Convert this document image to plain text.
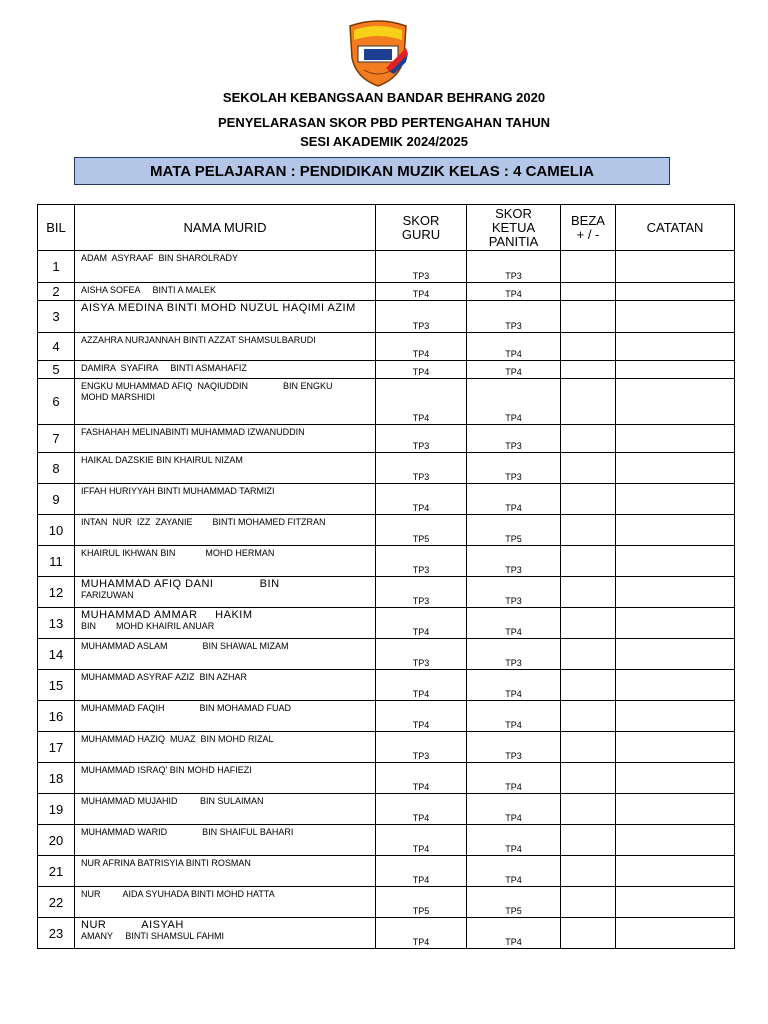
SEKOLAH KEBANGSAAN BANDAR BEHRANG 2020
PENYELARASAN SKOR PBD PERTENGAHAN TAHUN
SESI AKADEMIK 2024/2025
MATA PELAJARAN : PENDIDIKAN MUZIK KELAS : 4 CAMELIA
BIL	NAMA MURID	SKOR GURU	SKOR KETUA PANITIA	BEZA + / -	CATATAN
1	ADAM  ASYRAAF  BIN SHAROLRADY	TP3	TP3		
2	AISHA SOFEA     BINTI A MALEK	TP4	TP4		
3	AISYA MEDINA BINTI MOHD NUZUL HAQIMI AZIM	TP3	TP3		
4	AZZAHRA NURJANNAH BINTI AZZAT SHAMSULBARUDI	TP4	TP4		
5	DAMIRA  SYAFIRA     BINTI ASMAHAFIZ	TP4	TP4		
6	ENGKU MUHAMMAD AFIQ  NAQIUDDIN              BIN ENGKU
MOHD MARSHIDI	TP4	TP4		
7	FASHAHAH MELINABINTI MUHAMMAD IZWANUDDIN	TP3	TP3		
8	HAIKAL DAZSKIE BIN KHAIRUL NIZAM	TP3	TP3		
9	IFFAH HURIYYAH BINTI MUHAMMAD TARMIZI	TP4	TP4		
10	INTAN  NUR  IZZ  ZAYANIE        BINTI MOHAMED FITZRAN	TP5	TP5		
11	KHAIRUL IKHWAN BIN            MOHD HERMAN	TP3	TP3		
12	MUHAMMAD AFIQ DANI             BIN
FARIZUWAN	TP3	TP3		
13	MUHAMMAD AMMAR     HAKIM
BIN        MOHD KHAIRIL ANUAR	TP4	TP4		
14	MUHAMMAD ASLAM              BIN SHAWAL MIZAM	TP3	TP3		
15	MUHAMMAD ASYRAF AZIZ  BIN AZHAR	TP4	TP4		
16	MUHAMMAD FAQIH              BIN MOHAMAD FUAD	TP4	TP4		
17	MUHAMMAD HAZIQ  MUAZ  BIN MOHD RIZAL	TP3	TP3		
18	MUHAMMAD ISRAQ' BIN MOHD HAFIEZI	TP4	TP4		
19	MUHAMMAD MUJAHID         BIN SULAIMAN	TP4	TP4		
20	MUHAMMAD WARID              BIN SHAIFUL BAHARI	TP4	TP4		
21	NUR AFRINA BATRISYIA BINTI ROSMAN	TP4	TP4		
22	NUR         AIDA SYUHADA BINTI MOHD HATTA	TP5	TP5		
23	NUR          AISYAH
AMANY     BINTI SHAMSUL FAHMI	TP4	TP4		
